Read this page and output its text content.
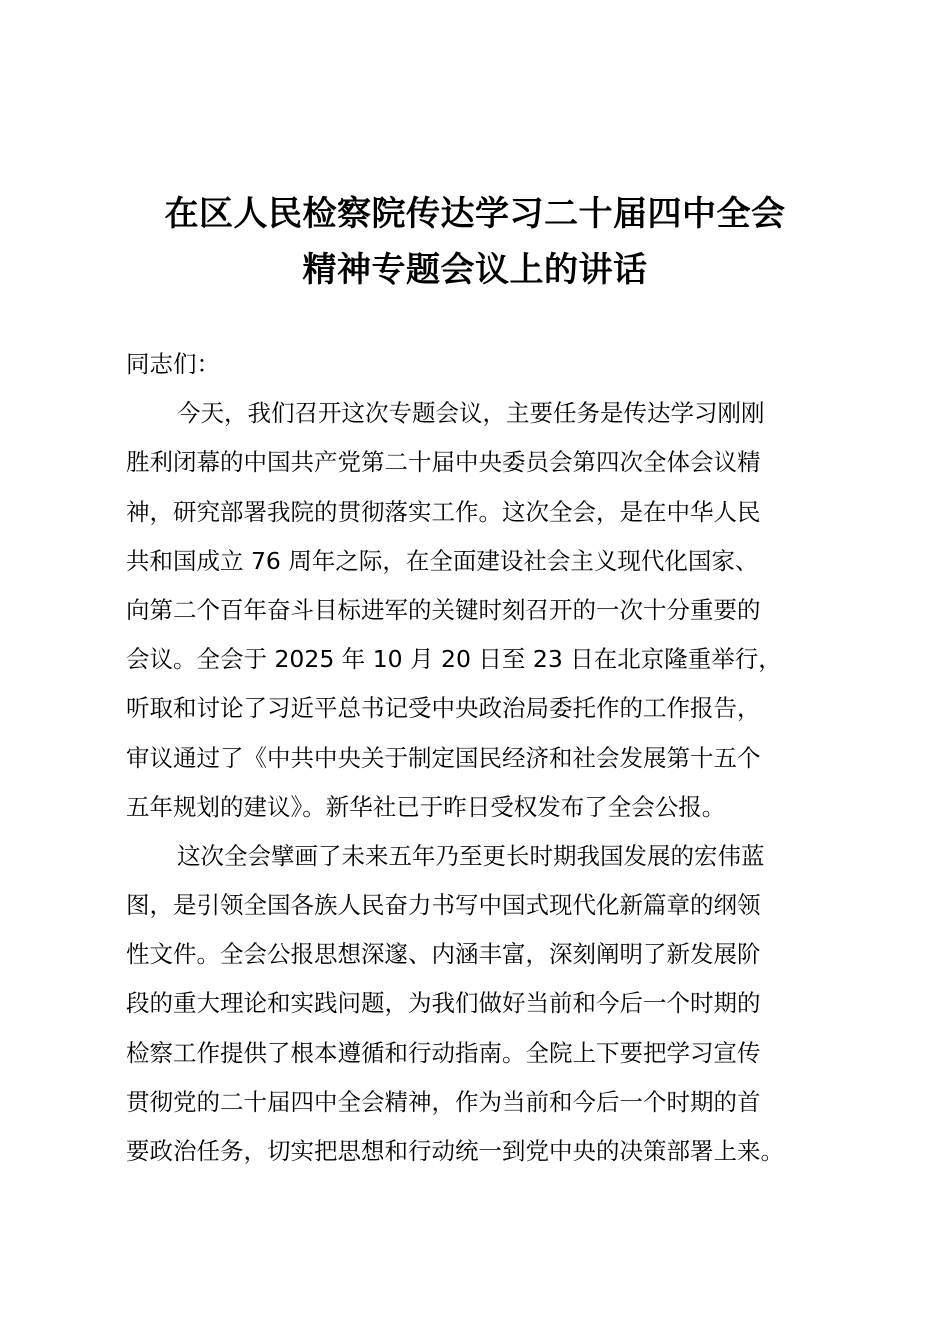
在区人民检察院传达学习二十届四中全会
精神专题会议上的讲话
同志们：
今天，我们召开这次专题会议，主要任务是传达学习刚刚
胜利闭幕的中国共产党第二十届中央委员会第四次全体会议精
神，研究部署我院的贯彻落实工作。这次全会，是在中华人民
共和国成立 76 周年之际，在全面建设社会主义现代化国家、
向第二个百年奋斗目标进军的关键时刻召开的一次十分重要的
会议。全会于 2025 年 10 月 20 日至 23 日在北京隆重举行，
听取和讨论了习近平总书记受中央政治局委托作的工作报告，
审议通过了《中共中央关于制定国民经济和社会发展第十五个
五年规划的建议》。新华社已于昨日受权发布了全会公报。
这次全会擘画了未来五年乃至更长时期我国发展的宏伟蓝
图，是引领全国各族人民奋力书写中国式现代化新篇章的纲领
性文件。全会公报思想深邃、内涵丰富，深刻阐明了新发展阶
段的重大理论和实践问题，为我们做好当前和今后一个时期的
检察工作提供了根本遵循和行动指南。全院上下要把学习宣传
贯彻党的二十届四中全会精神，作为当前和今后一个时期的首
要政治任务，切实把思想和行动统一到党中央的决策部署上来。
